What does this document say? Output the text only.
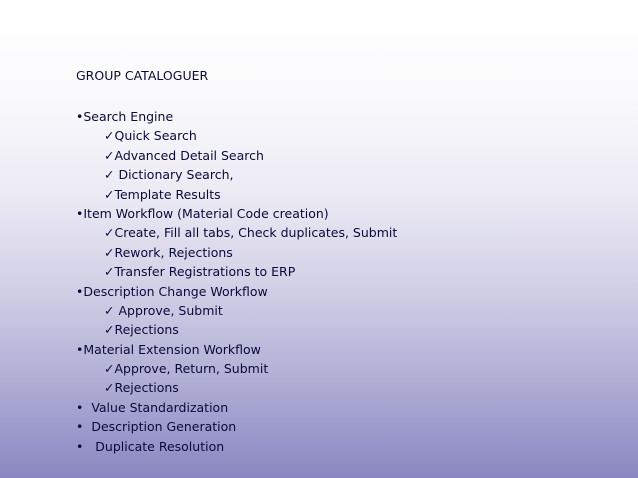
GROUP CATALOGUER
•Search Engine
✓Quick Search
✓Advanced Detail Search
✓ Dictionary Search,
✓Template Results
•Item Workflow (Material Code creation)
✓Create, Fill all tabs, Check duplicates, Submit
✓Rework, Rejections
✓Transfer Registrations to ERP
•Description Change Workflow
✓ Approve, Submit
✓Rejections
•Material Extension Workflow
✓Approve, Return, Submit
✓Rejections
•  Value Standardization
•  Description Generation
•   Duplicate Resolution
